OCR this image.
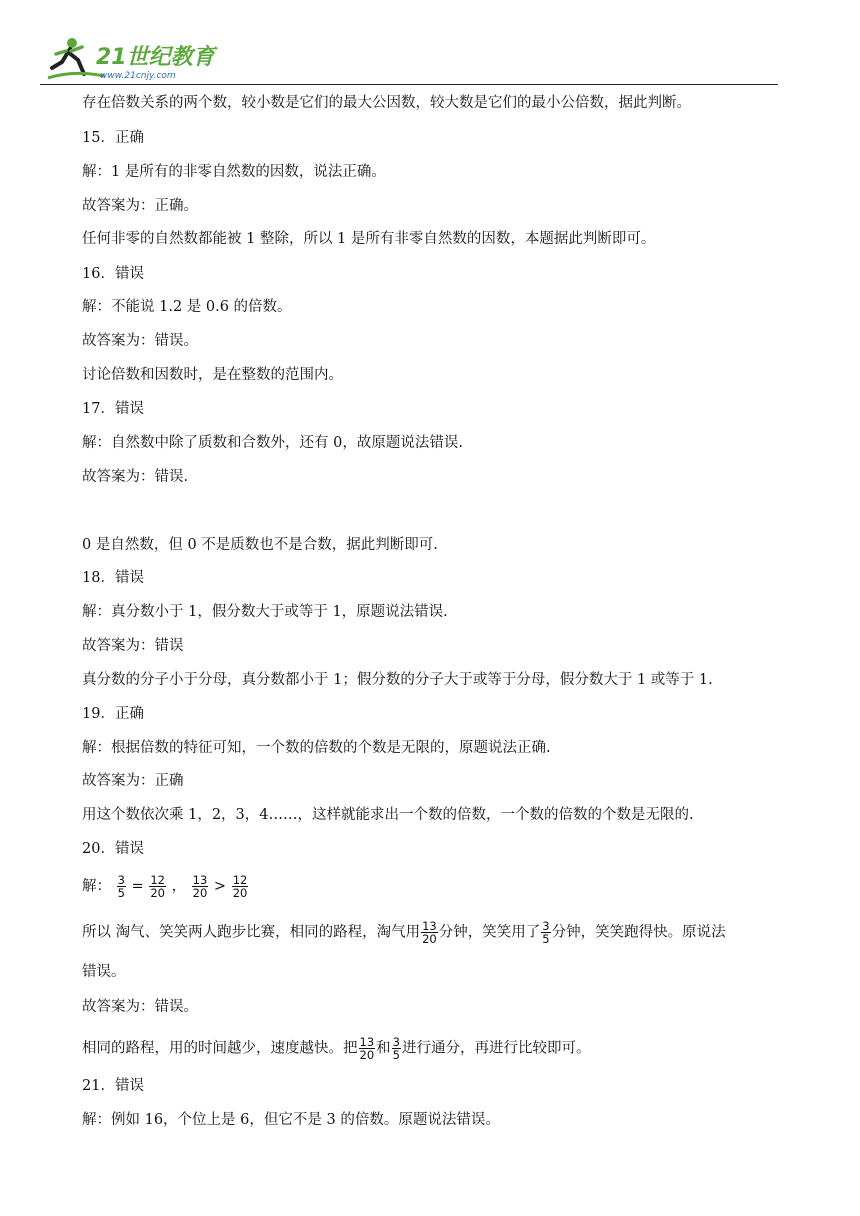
21世纪教育
www.21cnjy.com
存在倍数关系的两个数，较小数是它们的最大公因数，较大数是它们的最小公倍数，据此判断。
15．正确
解：1 是所有的非零自然数的因数，说法正确。
故答案为：正确。
任何非零的自然数都能被 1 整除，所以 1 是所有非零自然数的因数，本题据此判断即可。
16．错误
解：不能说 1.2 是 0.6 的倍数。
故答案为：错误。
讨论倍数和因数时，是在整数的范围内。
17．错误
解：自然数中除了质数和合数外，还有 0，故原题说法错误.
故答案为：错误.
0 是自然数，但 0 不是质数也不是合数，据此判断即可.
18．错误
解：真分数小于 1，假分数大于或等于 1，原题说法错误.
故答案为：错误
真分数的分子小于分母，真分数都小于 1；假分数的分子大于或等于分母，假分数大于 1 或等于 1.
19．正确
解：根据倍数的特征可知，一个数的倍数的个数是无限的，原题说法正确.
故答案为：正确
用这个数依次乘 1，2，3，4……，这样就能求出一个数的倍数，一个数的倍数的个数是无限的.
20．错误
解： $\frac{3}{5} = \frac{12}{20}$ ， $\frac{13}{20} > \frac{12}{20}$
所以 淘气、笑笑两人跑步比赛，相同的路程，淘气用 $\frac{13}{20}$ 分钟，笑笑用了 $\frac{3}{5}$ 分钟，笑笑跑得快。原说法
错误。
故答案为：错误。
相同的路程，用的时间越少，速度越快。把 $\frac{13}{20}$ 和 $\frac{3}{5}$ 进行通分，再进行比较即可。
21．错误
解：例如 16，个位上是 6，但它不是 3 的倍数。原题说法错误。
